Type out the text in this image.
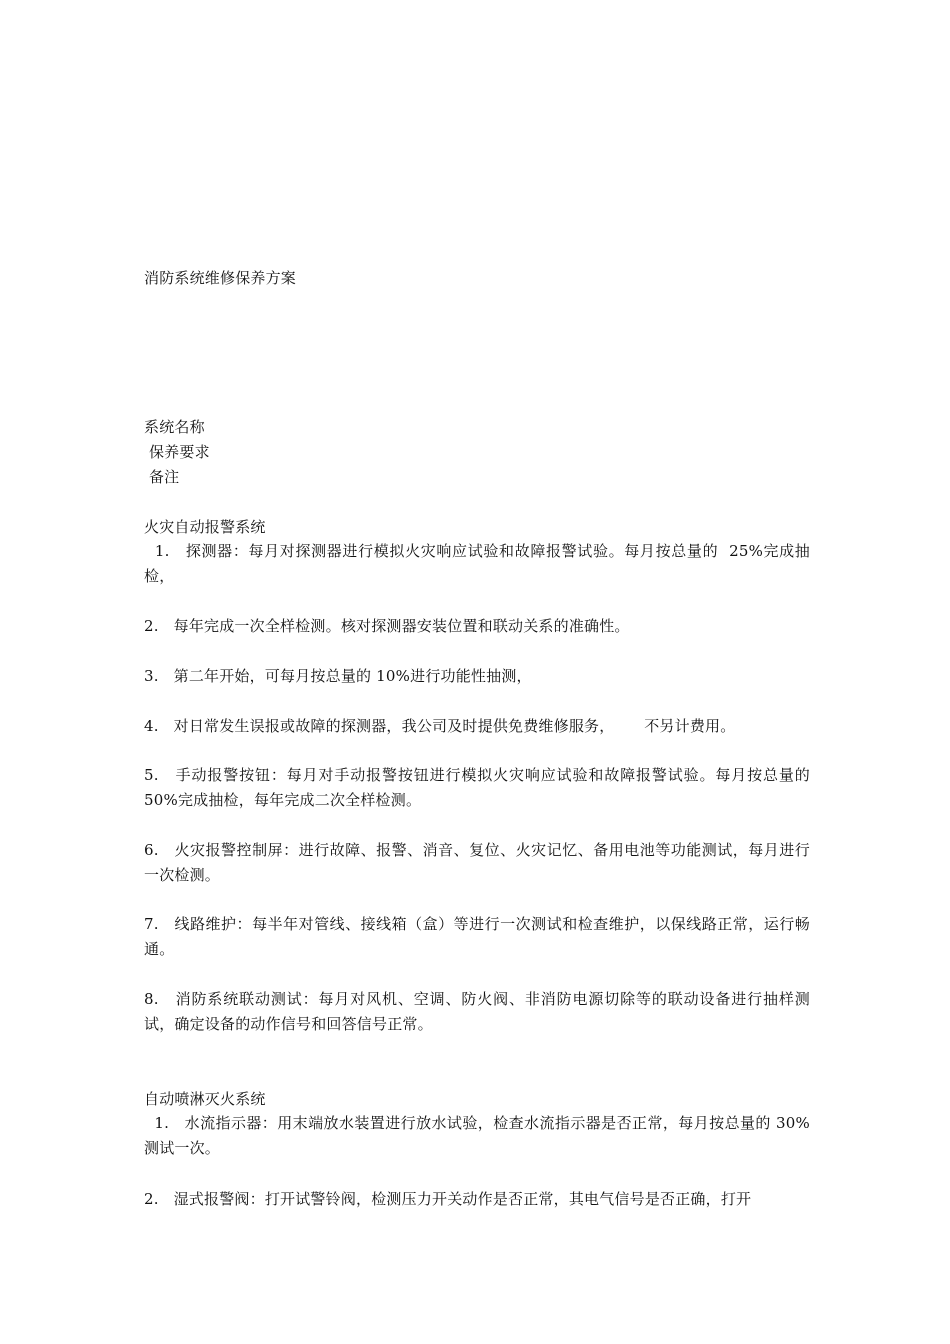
消防系统维修保养方案
系统名称
保养要求
备注
火灾自动报警系统
1.   探测器：每月对探测器进行模拟火灾响应试验和故障报警试验。每月按总量的  25%完成抽检，
2.   每年完成一次全样检测。核对探测器安装位置和联动关系的准确性。
3.   第二年开始，可每月按总量的 10%进行功能性抽测，
4.   对日常发生误报或故障的探测器，我公司及时提供免费维修服务，      不另计费用。
5.   手动报警按钮：每月对手动报警按钮进行模拟火灾响应试验和故障报警试验。每月按总量的 50%完成抽检，每年完成二次全样检测。
6.   火灾报警控制屏：进行故障、报警、消音、复位、火灾记忆、备用电池等功能测试，每月进行一次检测。
7.   线路维护：每半年对管线、接线箱（盒）等进行一次测试和检查维护，以保线路正常，运行畅通。
8.   消防系统联动测试：每月对风机、空调、防火阀、非消防电源切除等的联动设备进行抽样测试，确定设备的动作信号和回答信号正常。
自动喷淋灭火系统
1.   水流指示器：用末端放水装置进行放水试验，检查水流指示器是否正常，每月按总量的 30%测试一次。
2.   湿式报警阀：打开试警铃阀，检测压力开关动作是否正常，其电气信号是否正确，打开
